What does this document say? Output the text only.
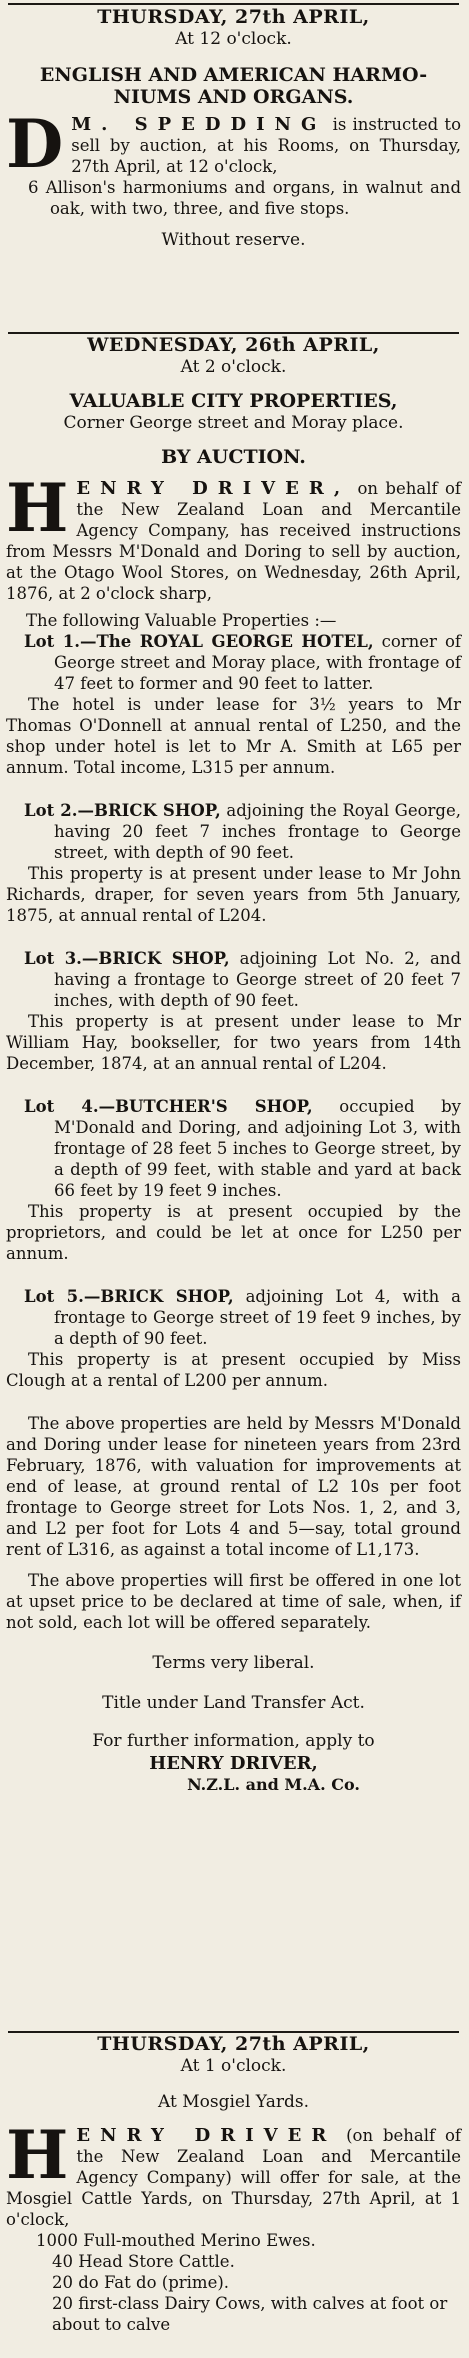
THURSDAY, 27th APRIL,
At 12 o'clock.
ENGLISH AND AMERICAN HARMO-
NIUMS AND ORGANS.
D M. SPEDDING is instructed to sell by auction, at his Rooms, on Thursday, 27th April, at 12 o'clock,
6 Allison's harmoniums and organs, in walnut and oak, with two, three, and five stops.
Without reserve.
WEDNESDAY, 26th APRIL,
At 2 o'clock.
VALUABLE CITY PROPERTIES,
Corner George street and Moray place.
BY AUCTION.
H ENRY DRIVER, on behalf of the New Zealand Loan and Mercantile Agency Company, has received instructions from Messrs M'Donald and Doring to sell by auction, at the Otago Wool Stores, on Wednesday, 26th April, 1876, at 2 o'clock sharp,
The following Valuable Properties :—
Lot 1.—The ROYAL GEORGE HOTEL, corner of George street and Moray place, with frontage of 47 feet to former and 90 feet to latter.
The hotel is under lease for 3½ years to Mr Thomas O'Donnell at annual rental of L250, and the shop under hotel is let to Mr A. Smith at L65 per annum. Total income, L315 per annum.
Lot 2.—BRICK SHOP, adjoining the Royal George, having 20 feet 7 inches frontage to George street, with depth of 90 feet.
This property is at present under lease to Mr John Richards, draper, for seven years from 5th January, 1875, at annual rental of L204.
Lot 3.—BRICK SHOP, adjoining Lot No. 2, and having a frontage to George street of 20 feet 7 inches, with depth of 90 feet.
This property is at present under lease to Mr William Hay, bookseller, for two years from 14th December, 1874, at an annual rental of L204.
Lot 4.—BUTCHER'S SHOP, occupied by M'Donald and Doring, and adjoining Lot 3, with frontage of 28 feet 5 inches to George street, by a depth of 99 feet, with stable and yard at back 66 feet by 19 feet 9 inches.
This property is at present occupied by the proprietors, and could be let at once for L250 per annum.
Lot 5.—BRICK SHOP, adjoining Lot 4, with a frontage to George street of 19 feet 9 inches, by a depth of 90 feet.
This property is at present occupied by Miss Clough at a rental of L200 per annum.
The above properties are held by Messrs M'Donald and Doring under lease for nineteen years from 23rd February, 1876, with valuation for improvements at end of lease, at ground rental of L2 10s per foot frontage to George street for Lots Nos. 1, 2, and 3, and L2 per foot for Lots 4 and 5—say, total ground rent of L316, as against a total income of L1,173.
The above properties will first be offered in one lot at upset price to be declared at time of sale, when, if not sold, each lot will be offered separately.
Terms very liberal.
Title under Land Transfer Act.
For further information, apply to
HENRY DRIVER,
N.Z.L. and M.A. Co.
THURSDAY, 27th APRIL,
At 1 o'clock.
At Mosgiel Yards.
H ENRY DRIVER (on behalf of the New Zealand Loan and Mercantile Agency Company) will offer for sale, at the Mosgiel Cattle Yards, on Thursday, 27th April, at 1 o'clock,
1000 Full-mouthed Merino Ewes.
40 Head Store Cattle.
20 do Fat do (prime).
20 first-class Dairy Cows, with calves at foot or about to calve
